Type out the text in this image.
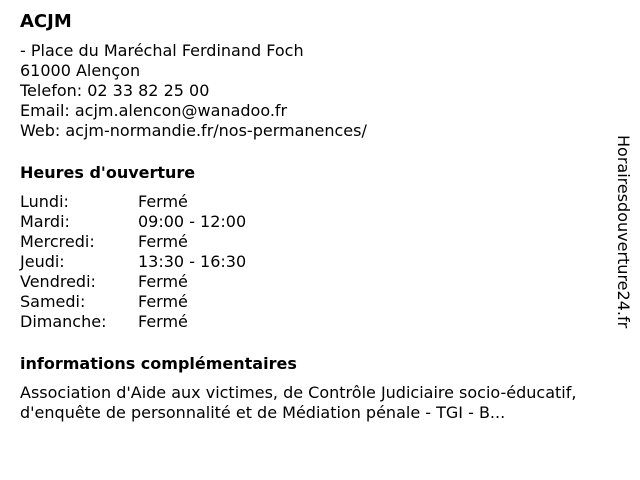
ACJM
- Place du Maréchal Ferdinand Foch
61000 Alençon
Telefon: 02 33 82 25 00
Email: acjm.alencon@wanadoo.fr
Web: acjm-normandie.fr/nos-permanences/
Heures d'ouverture
Lundi:	Fermé
Mardi:	09:00 - 12:00
Mercredi:	Fermé
Jeudi:	13:30 - 16:30
Vendredi:	Fermé
Samedi:	Fermé
Dimanche:	Fermé
informations complémentaires
Association d'Aide aux victimes, de Contrôle Judiciaire socio-éducatif, d'enquête de personnalité et de Médiation pénale - TGI - B...
Horairesdouverture24.fr
